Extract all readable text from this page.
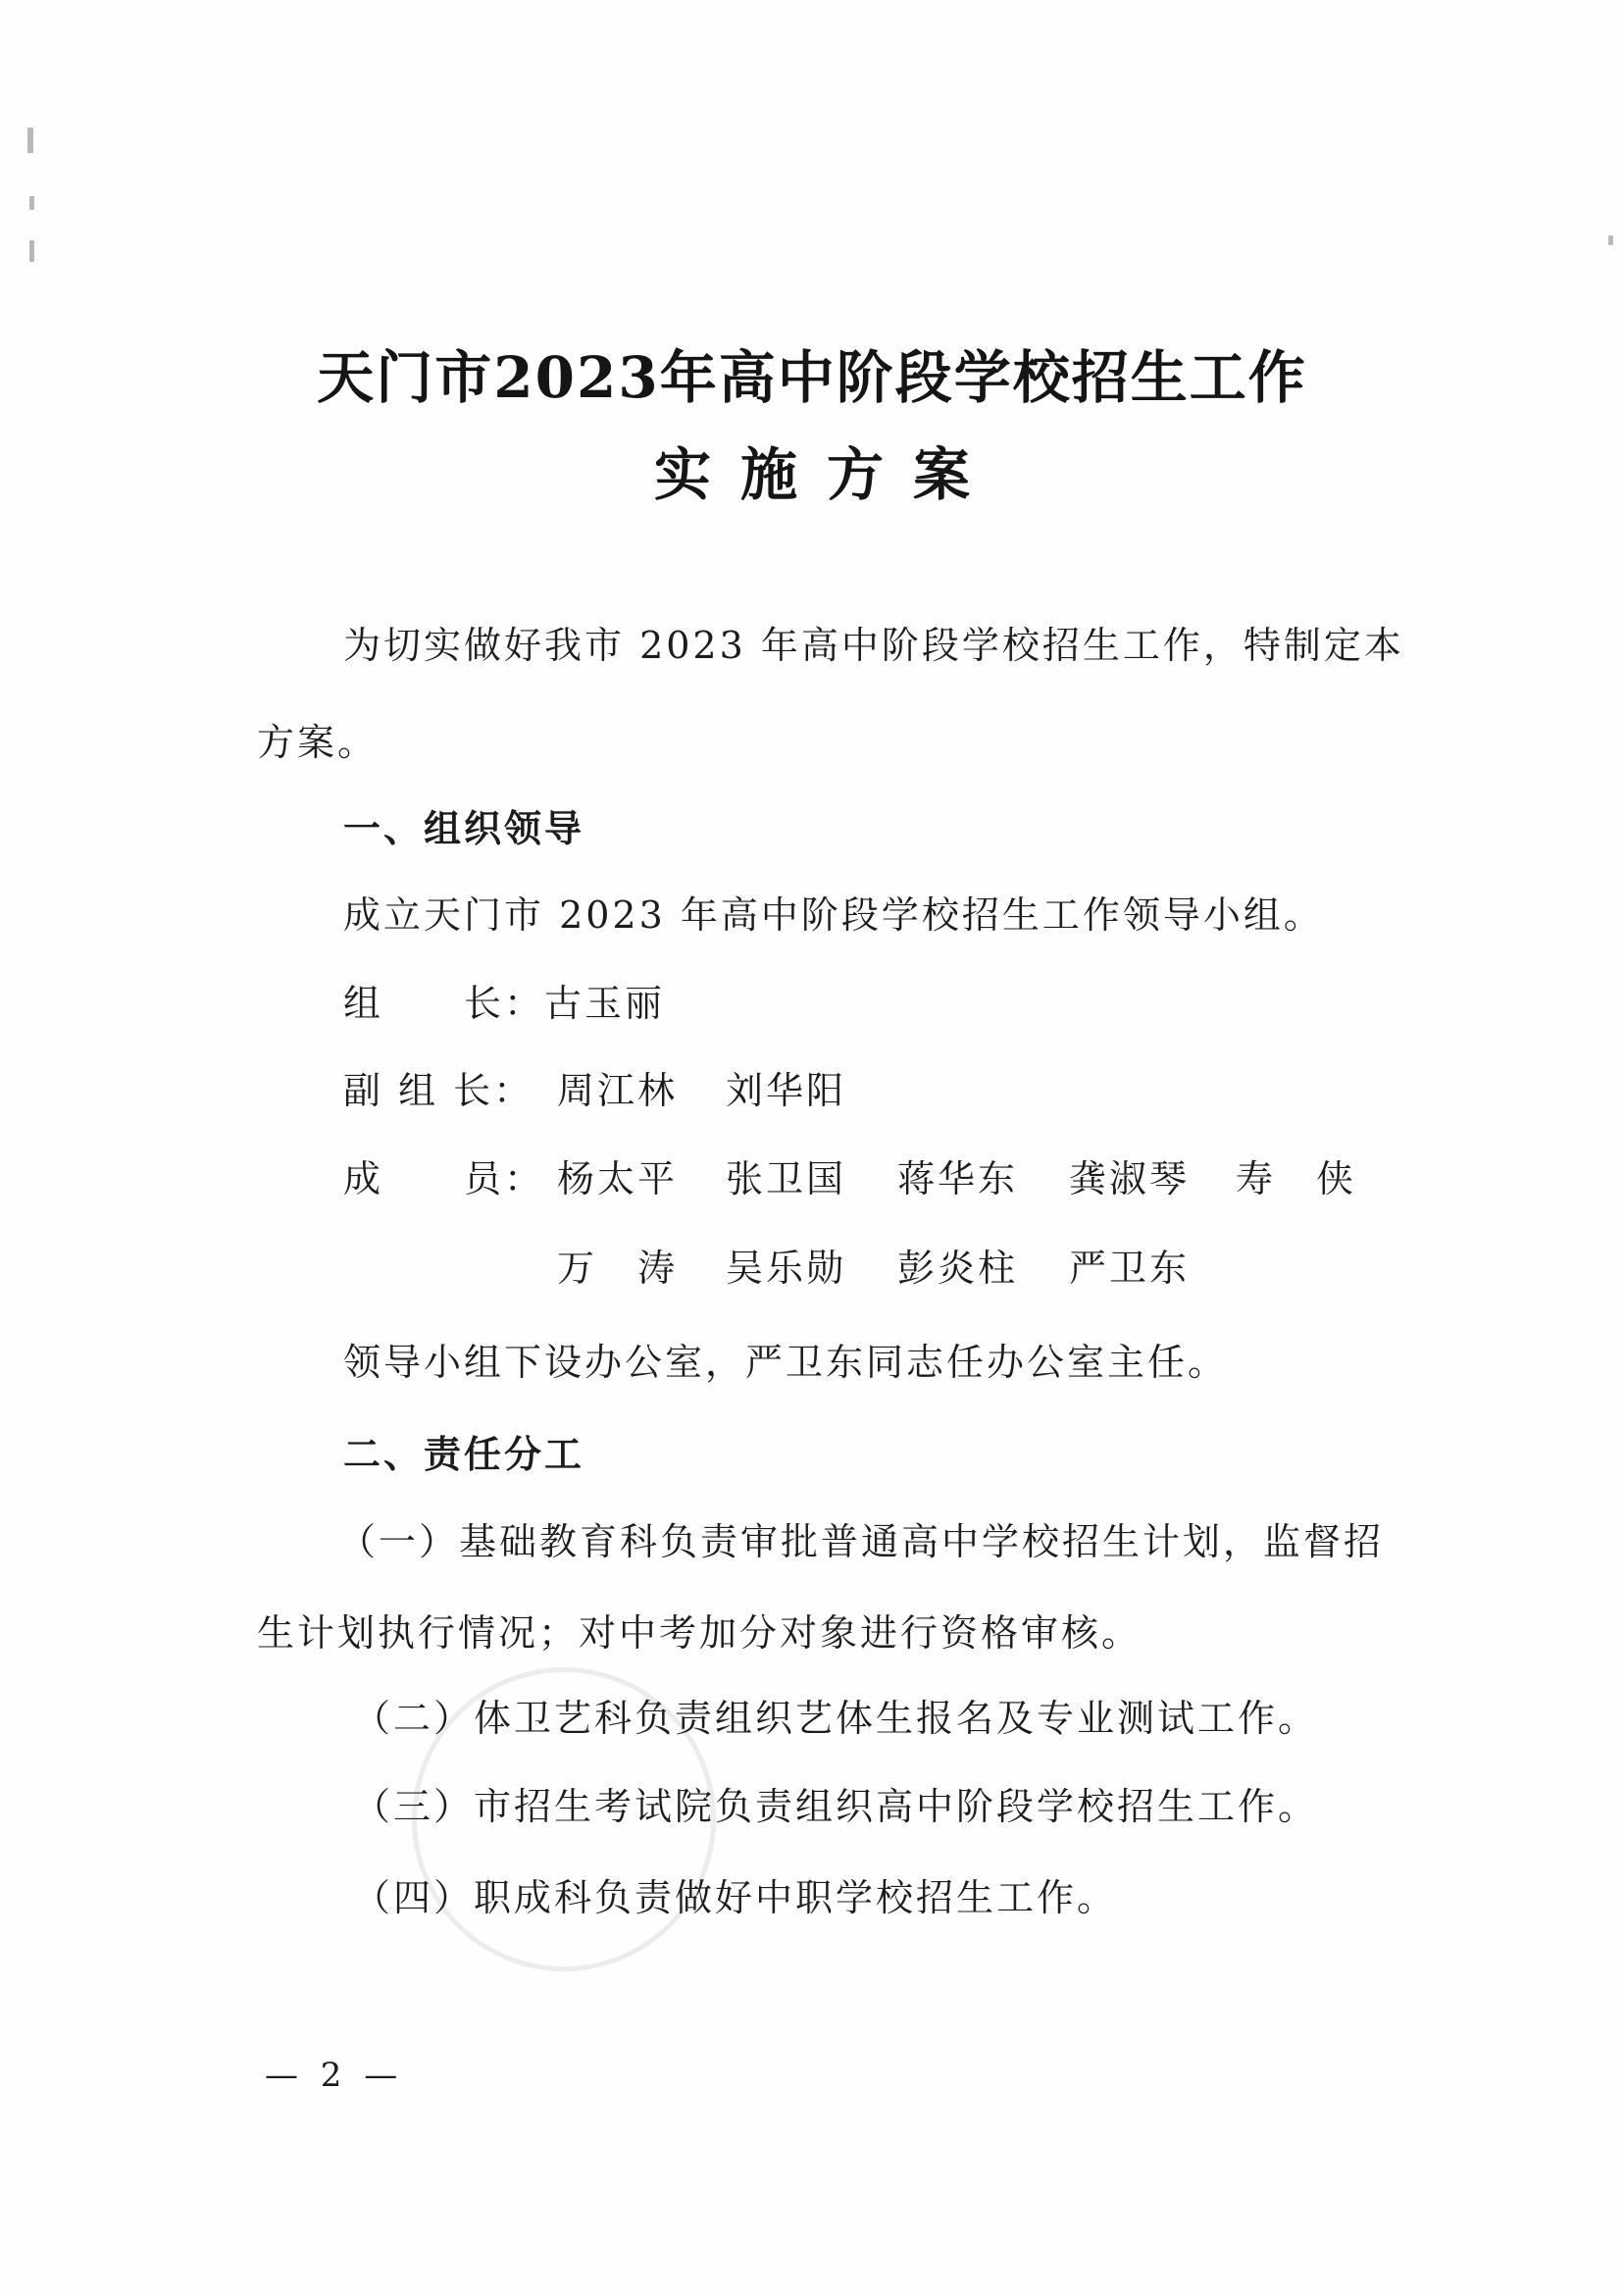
天门市2023年高中阶段学校招生工作
实施方案
为切实做好我市 2023 年高中阶段学校招生工作，特制定本
方案。
一、组织领导
成立天门市 2023 年高中阶段学校招生工作领导小组。
组　　长：古玉丽
副 组 长： 周江林 刘华阳
成　　员： 杨太平 张卫国 蒋华东 龚淑琴 寿　侠
万　涛 吴乐勋 彭炎柱 严卫东
领导小组下设办公室，严卫东同志任办公室主任。
二、责任分工
（一）基础教育科负责审批普通高中学校招生计划，监督招
生计划执行情况；对中考加分对象进行资格审核。
（二）体卫艺科负责组织艺体生报名及专业测试工作。
（三）市招生考试院负责组织高中阶段学校招生工作。
（四）职成科负责做好中职学校招生工作。
— 2 —
